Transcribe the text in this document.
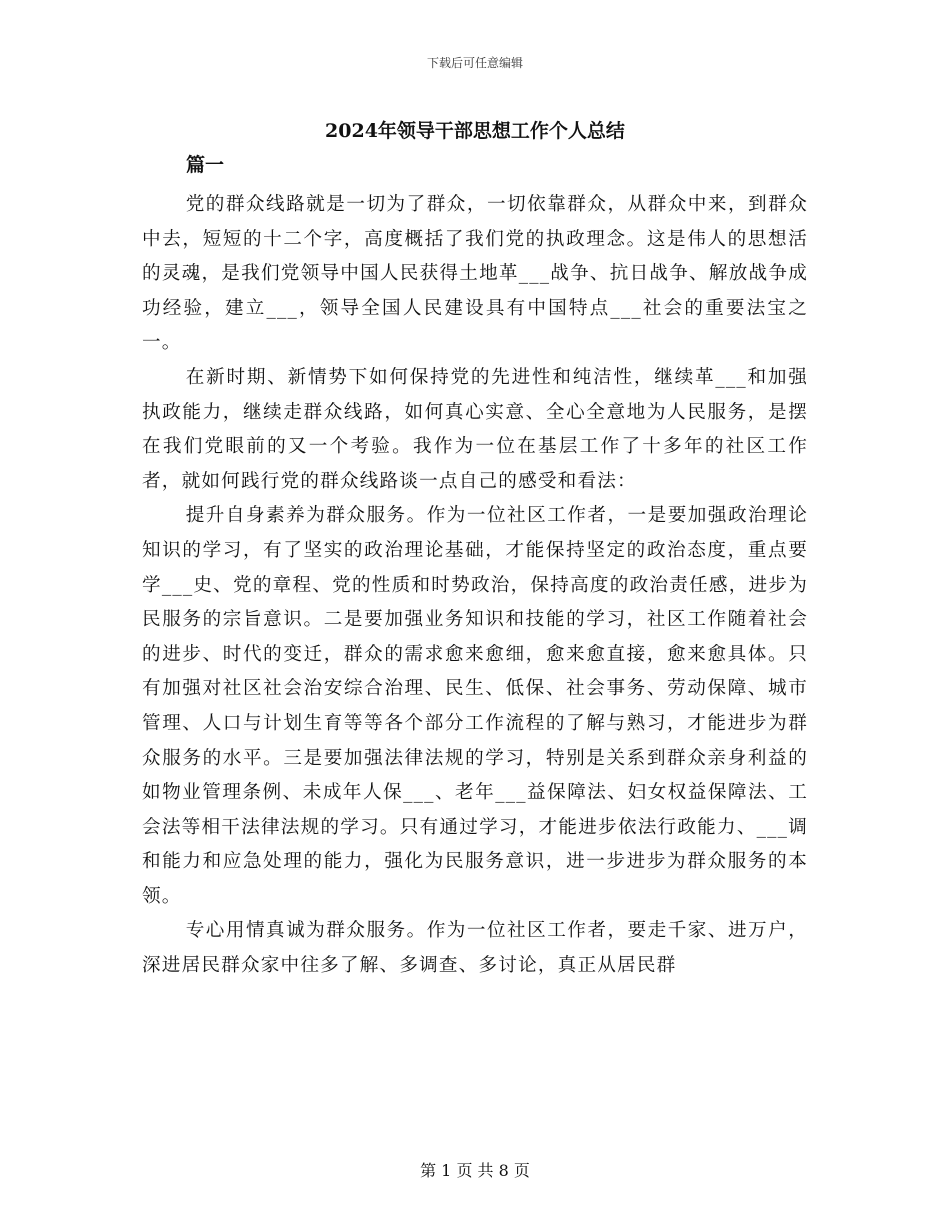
下载后可任意编辑
2024年领导干部思想工作个人总结
篇一

党的群众线路就是一切为了群众，一切依靠群众，从群众中来，到群众中去，短短的十二个字，高度概括了我们党的执政理念。这是伟人的思想活的灵魂，是我们党领导中国人民获得土地革___战争、抗日战争、解放战争成功经验，建立___，领导全国人民建设具有中国特点___社会的重要法宝之一。

在新时期、新情势下如何保持党的先进性和纯洁性，继续革___和加强执政能力，继续走群众线路，如何真心实意、全心全意地为人民服务，是摆在我们党眼前的又一个考验。我作为一位在基层工作了十多年的社区工作者，就如何践行党的群众线路谈一点自己的感受和看法：

提升自身素养为群众服务。作为一位社区工作者，一是要加强政治理论知识的学习，有了坚实的政治理论基础，才能保持坚定的政治态度，重点要学___史、党的章程、党的性质和时势政治，保持高度的政治责任感，进步为民服务的宗旨意识。二是要加强业务知识和技能的学习，社区工作随着社会的进步、时代的变迁，群众的需求愈来愈细，愈来愈直接，愈来愈具体。只有加强对社区社会治安综合治理、民生、低保、社会事务、劳动保障、城市管理、人口与计划生育等等各个部分工作流程的了解与熟习，才能进步为群众服务的水平。三是要加强法律法规的学习，特别是关系到群众亲身利益的如物业管理条例、未成年人保___、老年___益保障法、妇女权益保障法、工会法等相干法律法规的学习。只有通过学习，才能进步依法行政能力、___调和能力和应急处理的能力，强化为民服务意识，进一步进步为群众服务的本领。

专心用情真诚为群众服务。作为一位社区工作者，要走千家、进万户，深进居民群众家中往多了解、多调查、多讨论，真正从居民群

第 1 页 共 8 页
